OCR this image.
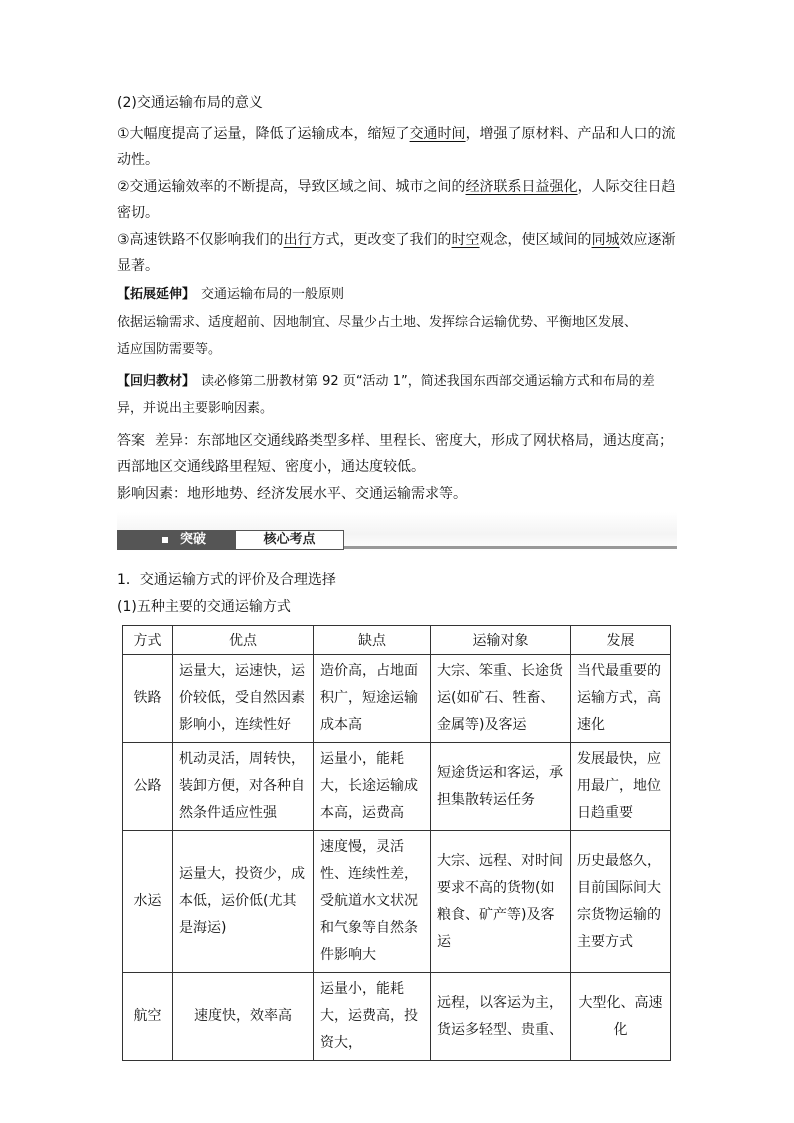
(2)交通运输布局的意义
①大幅度提高了运量，降低了运输成本，缩短了交通时间，增强了原材料、产品和人口的流
动性。
②交通运输效率的不断提高，导致区域之间、城市之间的经济联系日益强化，人际交往日趋
密切。
③高速铁路不仅影响我们的出行方式，更改变了我们的时空观念，使区域间的同城效应逐渐
显著。
【拓展延伸】 交通运输布局的一般原则
依据运输需求、适度超前、因地制宜、尽量少占土地、发挥综合运输优势、平衡地区发展、
适应国防需要等。
【回归教材】 读必修第二册教材第 92 页“活动 1”，简述我国东西部交通运输方式和布局的差
异，并说出主要影响因素。
答案 差异：东部地区交通线路类型多样、里程长、密度大，形成了网状格局，通达度高；
西部地区交通线路里程短、密度小，通达度较低。
影响因素：地形地势、经济发展水平、交通运输需求等。
突破	核心考点
1．交通运输方式的评价及合理选择
(1)五种主要的交通运输方式
方式	优点	缺点	运输对象	发展
铁路	运量大，运速快，运价较低，受自然因素影响小，连续性好	造价高，占地面积广，短途运输成本高	大宗、笨重、长途货运(如矿石、牲畜、金属等)及客运	当代最重要的运输方式，高速化
公路	机动灵活，周转快，装卸方便，对各种自然条件适应性强	运量小，能耗大，长途运输成本高，运费高	短途货运和客运，承担集散转运任务	发展最快，应用最广，地位日趋重要
水运	运量大，投资少，成本低，运价低(尤其是海运)	速度慢，灵活性、连续性差，受航道水文状况和气象等自然条件影响大	大宗、远程、对时间要求不高的货物(如粮食、矿产等)及客运	历史最悠久，目前国际间大宗货物运输的主要方式
航空	速度快，效率高	运量小，能耗大，运费高，投资大，	远程，以客运为主，货运多轻型、贵重、	大型化、高速化
